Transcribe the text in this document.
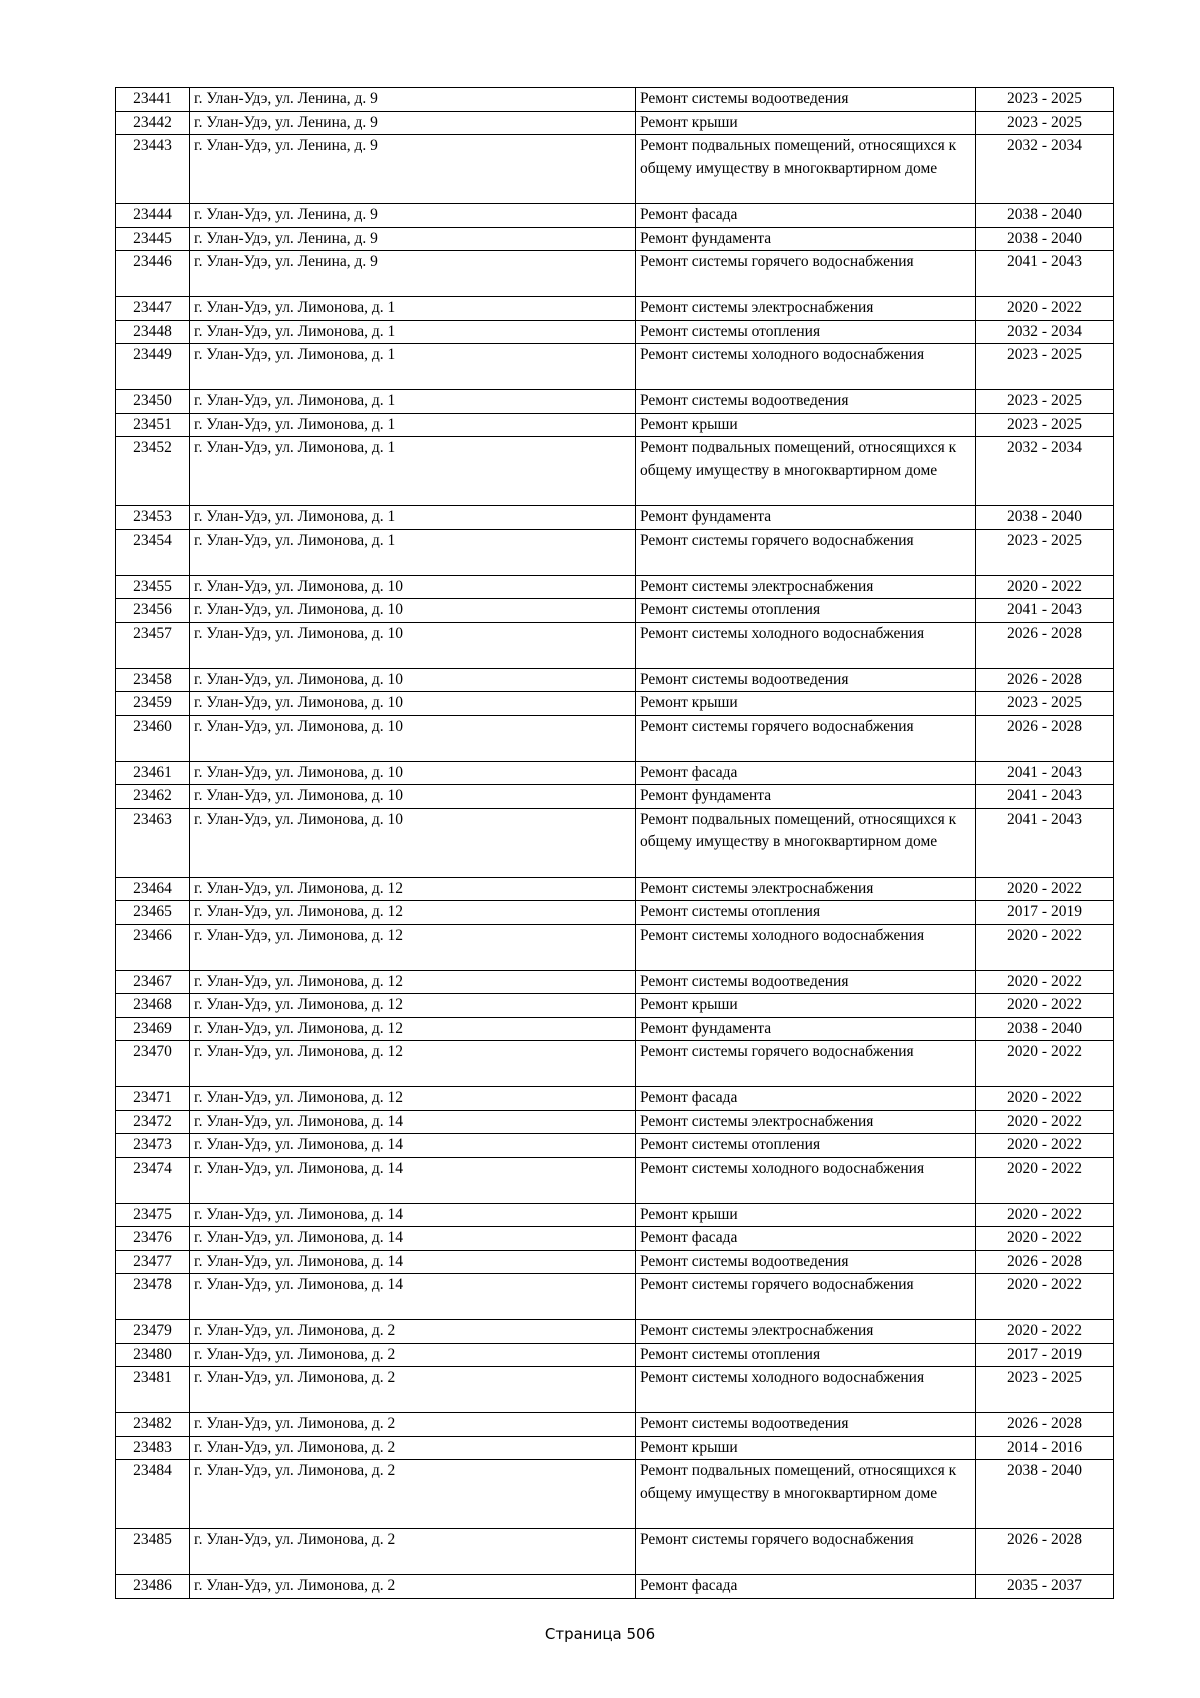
23441	г. Улан-Удэ, ул. Ленина, д. 9	Ремонт системы водоотведения	2023 - 2025
23442	г. Улан-Удэ, ул. Ленина, д. 9	Ремонт крыши	2023 - 2025
23443	г. Улан-Удэ, ул. Ленина, д. 9	Ремонт подвальных помещений, относящихся к общему имуществу в многоквартирном доме	2032 - 2034
23444	г. Улан-Удэ, ул. Ленина, д. 9	Ремонт фасада	2038 - 2040
23445	г. Улан-Удэ, ул. Ленина, д. 9	Ремонт фундамента	2038 - 2040
23446	г. Улан-Удэ, ул. Ленина, д. 9	Ремонт системы горячего водоснабжения	2041 - 2043
23447	г. Улан-Удэ, ул. Лимонова, д. 1	Ремонт системы электроснабжения	2020 - 2022
23448	г. Улан-Удэ, ул. Лимонова, д. 1	Ремонт системы отопления	2032 - 2034
23449	г. Улан-Удэ, ул. Лимонова, д. 1	Ремонт системы холодного водоснабжения	2023 - 2025
23450	г. Улан-Удэ, ул. Лимонова, д. 1	Ремонт системы водоотведения	2023 - 2025
23451	г. Улан-Удэ, ул. Лимонова, д. 1	Ремонт крыши	2023 - 2025
23452	г. Улан-Удэ, ул. Лимонова, д. 1	Ремонт подвальных помещений, относящихся к общему имуществу в многоквартирном доме	2032 - 2034
23453	г. Улан-Удэ, ул. Лимонова, д. 1	Ремонт фундамента	2038 - 2040
23454	г. Улан-Удэ, ул. Лимонова, д. 1	Ремонт системы горячего водоснабжения	2023 - 2025
23455	г. Улан-Удэ, ул. Лимонова, д. 10	Ремонт системы электроснабжения	2020 - 2022
23456	г. Улан-Удэ, ул. Лимонова, д. 10	Ремонт системы отопления	2041 - 2043
23457	г. Улан-Удэ, ул. Лимонова, д. 10	Ремонт системы холодного водоснабжения	2026 - 2028
23458	г. Улан-Удэ, ул. Лимонова, д. 10	Ремонт системы водоотведения	2026 - 2028
23459	г. Улан-Удэ, ул. Лимонова, д. 10	Ремонт крыши	2023 - 2025
23460	г. Улан-Удэ, ул. Лимонова, д. 10	Ремонт системы горячего водоснабжения	2026 - 2028
23461	г. Улан-Удэ, ул. Лимонова, д. 10	Ремонт фасада	2041 - 2043
23462	г. Улан-Удэ, ул. Лимонова, д. 10	Ремонт фундамента	2041 - 2043
23463	г. Улан-Удэ, ул. Лимонова, д. 10	Ремонт подвальных помещений, относящихся к общему имуществу в многоквартирном доме	2041 - 2043
23464	г. Улан-Удэ, ул. Лимонова, д. 12	Ремонт системы электроснабжения	2020 - 2022
23465	г. Улан-Удэ, ул. Лимонова, д. 12	Ремонт системы отопления	2017 - 2019
23466	г. Улан-Удэ, ул. Лимонова, д. 12	Ремонт системы холодного водоснабжения	2020 - 2022
23467	г. Улан-Удэ, ул. Лимонова, д. 12	Ремонт системы водоотведения	2020 - 2022
23468	г. Улан-Удэ, ул. Лимонова, д. 12	Ремонт крыши	2020 - 2022
23469	г. Улан-Удэ, ул. Лимонова, д. 12	Ремонт фундамента	2038 - 2040
23470	г. Улан-Удэ, ул. Лимонова, д. 12	Ремонт системы горячего водоснабжения	2020 - 2022
23471	г. Улан-Удэ, ул. Лимонова, д. 12	Ремонт фасада	2020 - 2022
23472	г. Улан-Удэ, ул. Лимонова, д. 14	Ремонт системы электроснабжения	2020 - 2022
23473	г. Улан-Удэ, ул. Лимонова, д. 14	Ремонт системы отопления	2020 - 2022
23474	г. Улан-Удэ, ул. Лимонова, д. 14	Ремонт системы холодного водоснабжения	2020 - 2022
23475	г. Улан-Удэ, ул. Лимонова, д. 14	Ремонт крыши	2020 - 2022
23476	г. Улан-Удэ, ул. Лимонова, д. 14	Ремонт фасада	2020 - 2022
23477	г. Улан-Удэ, ул. Лимонова, д. 14	Ремонт системы водоотведения	2026 - 2028
23478	г. Улан-Удэ, ул. Лимонова, д. 14	Ремонт системы горячего водоснабжения	2020 - 2022
23479	г. Улан-Удэ, ул. Лимонова, д. 2	Ремонт системы электроснабжения	2020 - 2022
23480	г. Улан-Удэ, ул. Лимонова, д. 2	Ремонт системы отопления	2017 - 2019
23481	г. Улан-Удэ, ул. Лимонова, д. 2	Ремонт системы холодного водоснабжения	2023 - 2025
23482	г. Улан-Удэ, ул. Лимонова, д. 2	Ремонт системы водоотведения	2026 - 2028
23483	г. Улан-Удэ, ул. Лимонова, д. 2	Ремонт крыши	2014 - 2016
23484	г. Улан-Удэ, ул. Лимонова, д. 2	Ремонт подвальных помещений, относящихся к общему имуществу в многоквартирном доме	2038 - 2040
23485	г. Улан-Удэ, ул. Лимонова, д. 2	Ремонт системы горячего водоснабжения	2026 - 2028
23486	г. Улан-Удэ, ул. Лимонова, д. 2	Ремонт фасада	2035 - 2037
Страница 506
